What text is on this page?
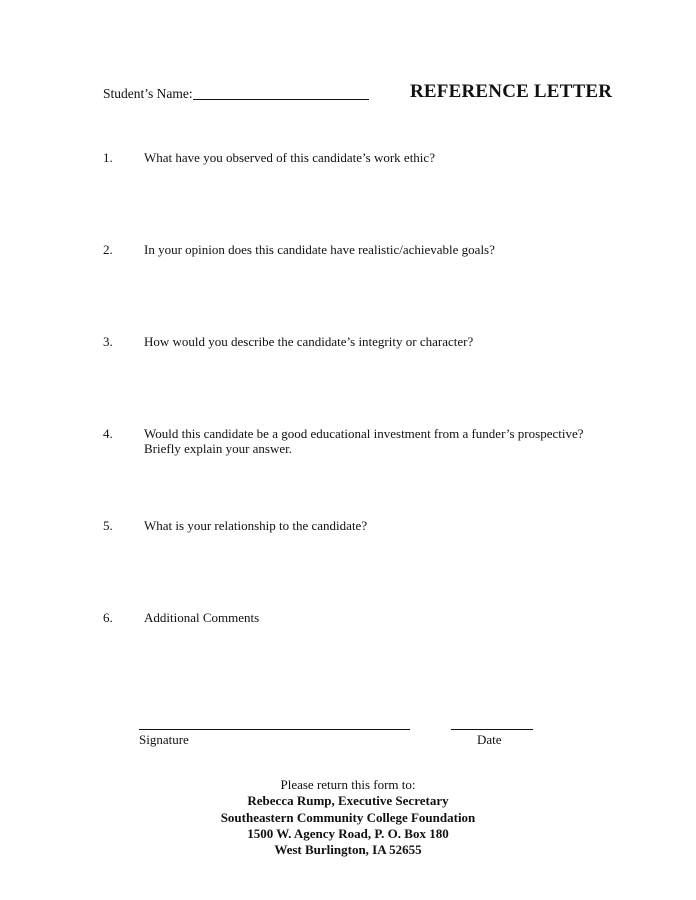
Student’s Name:	REFERENCE LETTER
1. What have you observed of this candidate’s work ethic?
2. In your opinion does this candidate have realistic/achievable goals?
3. How would you describe the candidate’s integrity or character?
4. Would this candidate be a good educational investment from a funder’s prospective?
Briefly explain your answer.
5. What is your relationship to the candidate?
6. Additional Comments
Signature	Date
Please return this form to:
Rebecca Rump, Executive Secretary
Southeastern Community College Foundation
1500 W. Agency Road, P. O. Box 180
West Burlington, IA 52655
